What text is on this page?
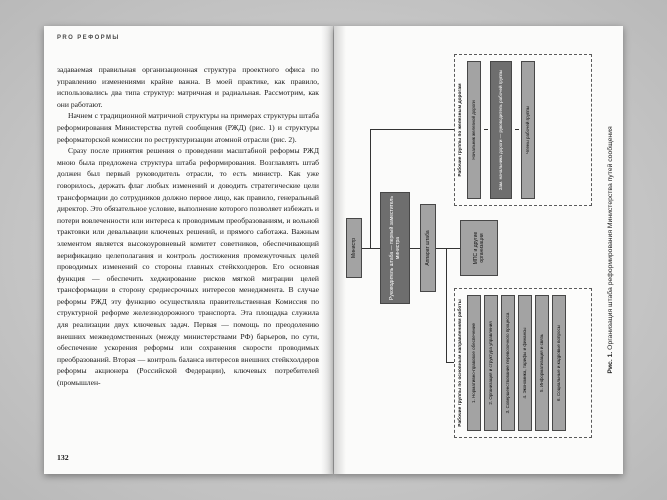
PRO РЕФОРМЫ

задаваемая правильная организационная структура проектного офиса по управлению изменениями крайне важна. В моей практике, как правило, использовались два типа структур: матричная и радиальная. Рассмотрим, как они работают.

Начнем с традиционной матричной структуры на примерах структуры штаба реформирования Министерства путей сообщения (РЖД) (рис. 1) и структуры реформаторской комиссии по реструктуризации атомной отрасли (рис. 2).

Сразу после принятия решения о проведении масштабной реформы РЖД мною была предложена структура штаба реформирования. Возглавлять штаб должен был первый руководитель отрасли, то есть министр. Как уже говорилось, держать флаг любых изменений и доводить стратегические цели трансформации до сотрудников должно первое лицо, как правило, генеральный директор. Это обязательное условие, выполнение которого позволяет избежать и потери вовлеченности или интереса к проводимым преобразованиям, и вольной трактовки или девальвации ключевых решений, и прямого саботажа. Важным элементом является высокоуровневый комитет советников, обеспечивающий верификацию целеполагания и контроль достижения промежуточных целей проводимых изменений со стороны главных стейкхолдеров. Его основная функция — обеспечить хеджирование рисков мягкой миграции целей трансформации в сторону среднесрочных интересов менеджмента. В случае реформы РЖД эту функцию осуществляла правительственная Комиссия по структурной реформе железнодорожного транспорта. Эта площадка служила для реализации двух ключевых задач. Первая — помощь по преодолению внешних межведомственных (между министерствами РФ) барьеров, по сути, обеспечение ускорения реформы или сохранения скорости проводимых преобразований. Вторая — контроль баланса интересов внешних стейкхолдеров реформы акционера (Российской Федерации), ключевых потребителей (промышлен-

132
Министр	Руководитель штаба — первый заместитель министра	Аппарат штаба	МПС и другие организации
Рабочие группы по основным направлениям работы	1. Нормативно-правовое обеспечение	2. Организация и структура управления	3. Совершенствование перевозочного процесса	4. Экономика, тарифы и финансы	5. Информатизация и связь	6. Социальные и кадровые вопросы
Рабочие группы по железным дорогам	Начальник железной дороги	Зам. начальника дороги — руководитель рабочей группы	Члены рабочей группы
Рис. 1. Организация штаба реформирования Министерства путей сообщения
